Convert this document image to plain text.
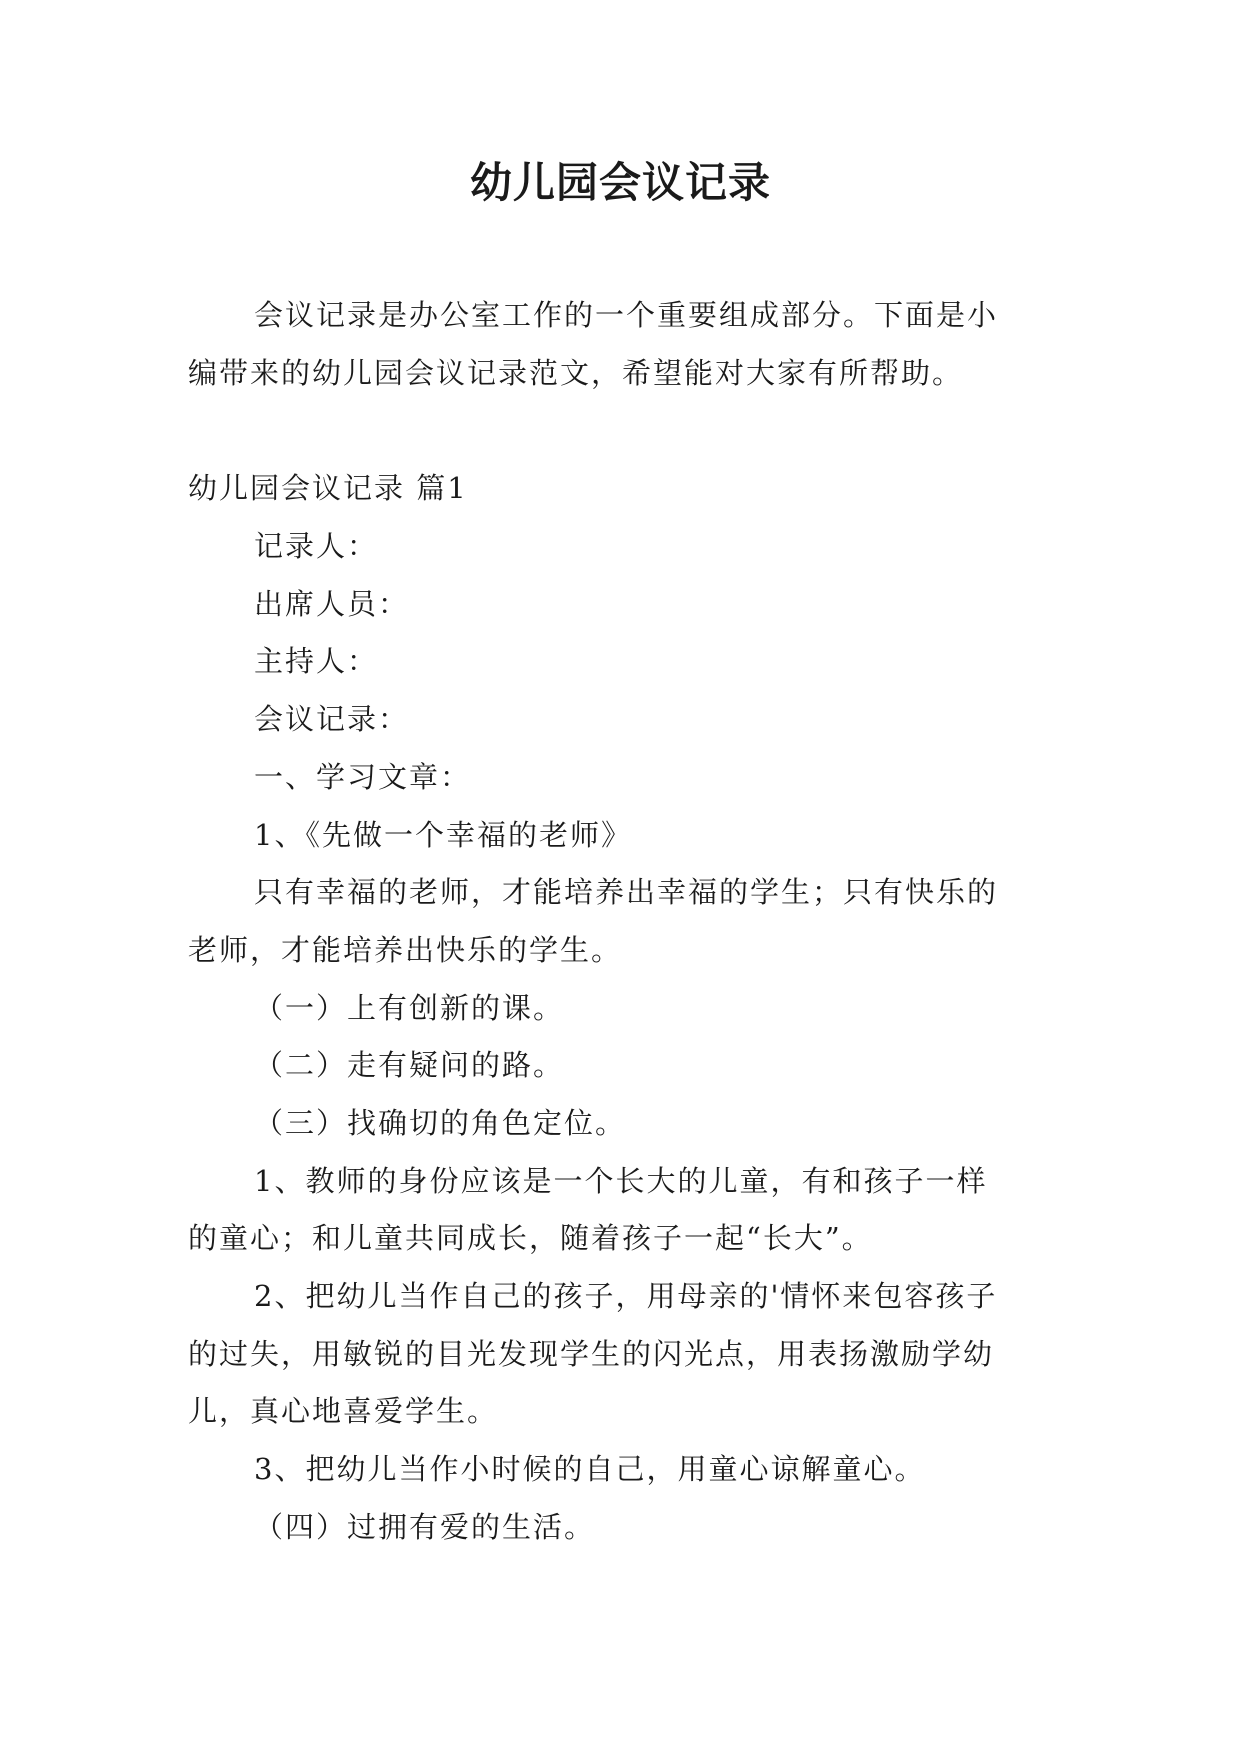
幼儿园会议记录
会议记录是办公室工作的一个重要组成部分。下面是小
编带来的幼儿园会议记录范文，希望能对大家有所帮助。
幼儿园会议记录 篇1
记录人：
出席人员：
主持人：
会议记录：
一、学习文章：
1、《先做一个幸福的老师》
只有幸福的老师，才能培养出幸福的学生；只有快乐的
老师，才能培养出快乐的学生。
（一）上有创新的课。
（二）走有疑问的路。
（三）找确切的角色定位。
1、教师的身份应该是一个长大的儿童，有和孩子一样
的童心；和儿童共同成长，随着孩子一起“长大”。
2、把幼儿当作自己的孩子，用母亲的'情怀来包容孩子
的过失，用敏锐的目光发现学生的闪光点，用表扬激励学幼
儿，真心地喜爱学生。
3、把幼儿当作小时候的自己，用童心谅解童心。
（四）过拥有爱的生活。
